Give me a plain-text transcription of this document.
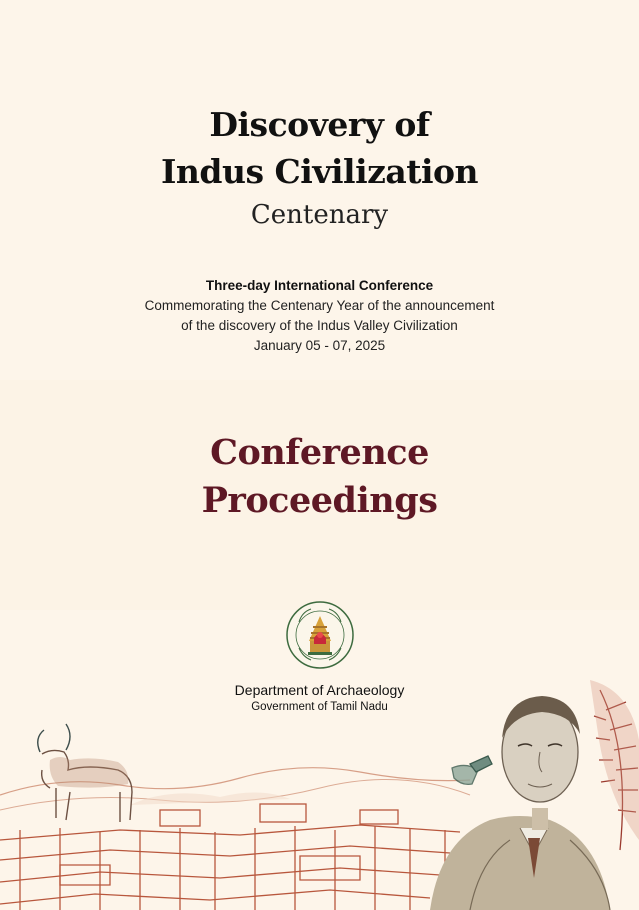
Discovery of
Indus Civilization
Centenary
Three-day International Conference
Commemorating the Centenary Year of the announcement
of the discovery of the Indus Valley Civilization
January 05 - 07, 2025
Conference
Proceedings
Department of Archaeology
Government of Tamil Nadu
